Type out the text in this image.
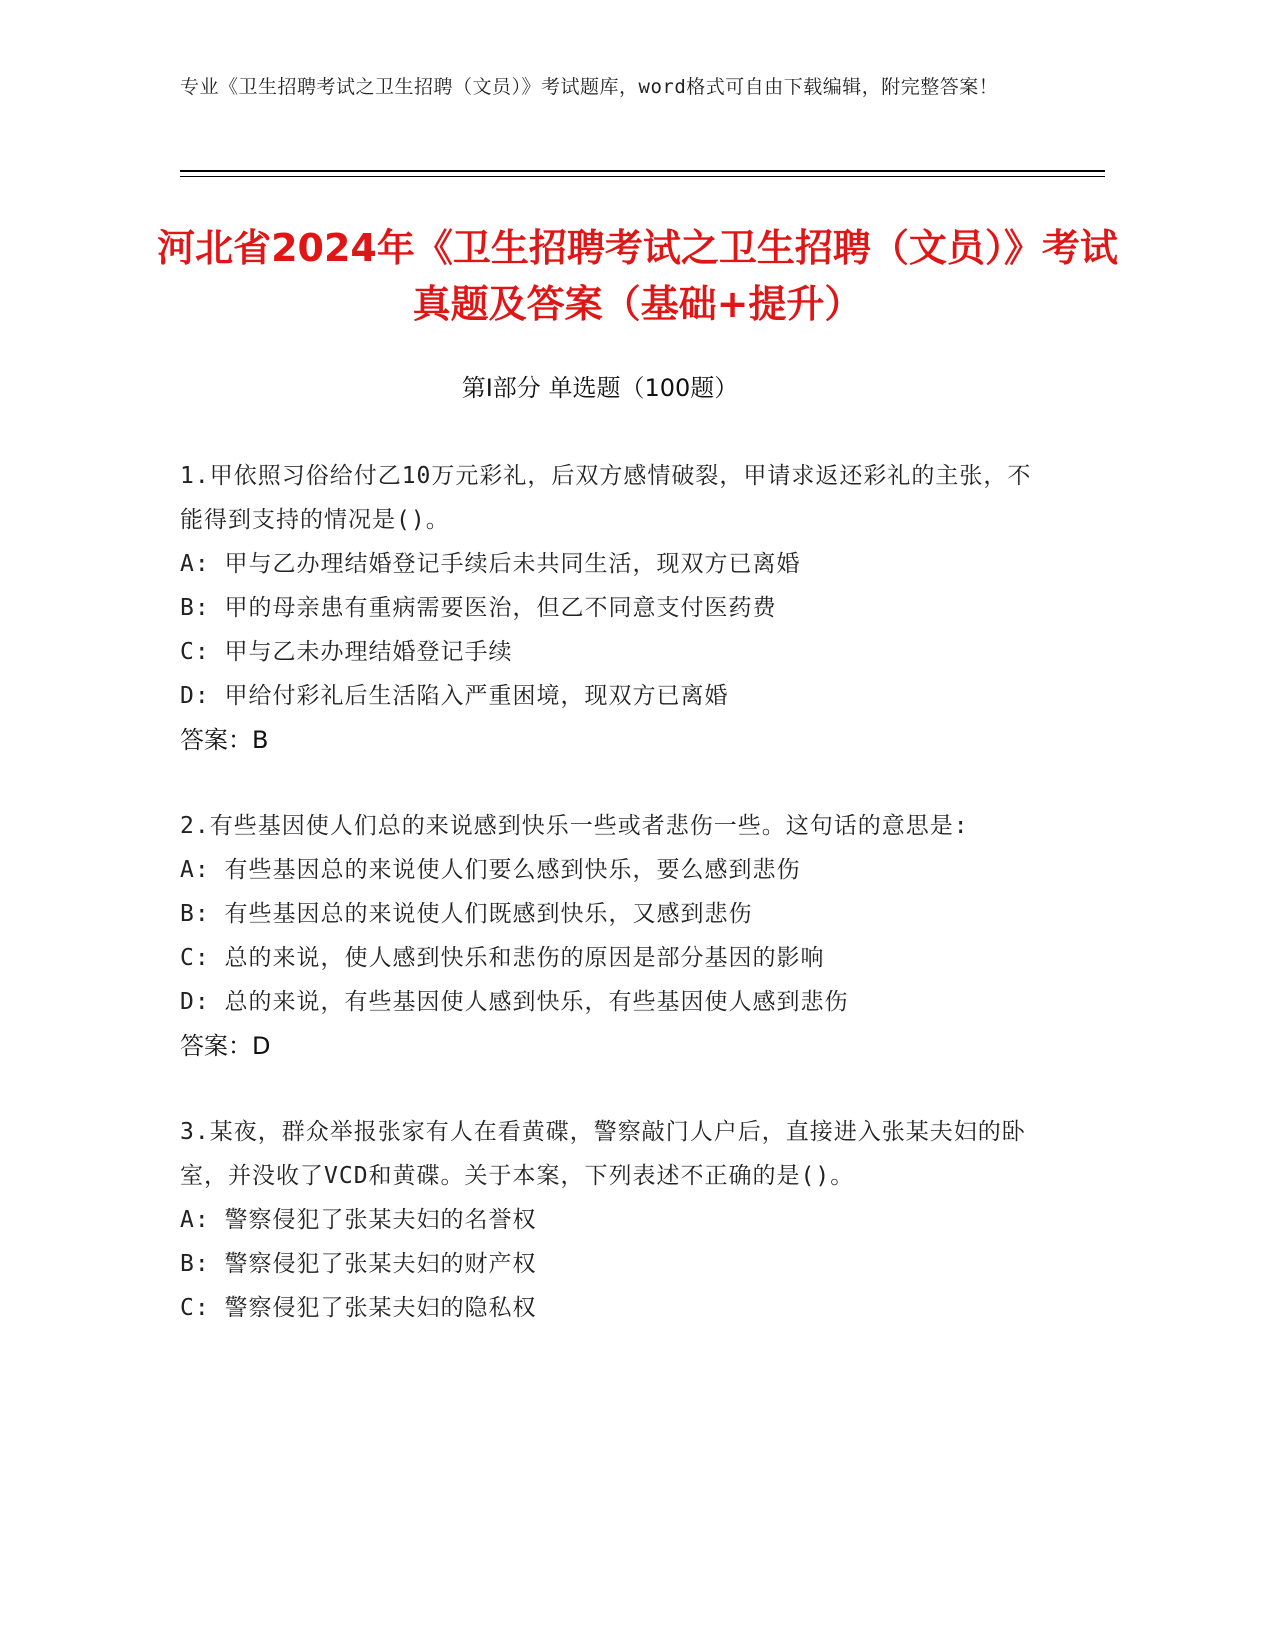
专业《卫生招聘考试之卫生招聘（文员）》考试题库，word格式可自由下载编辑，附完整答案！
河北省2024年《卫生招聘考试之卫生招聘（文员）》考试真题及答案（基础+提升）
第I部分 单选题（100题）
1.甲依照习俗给付乙10万元彩礼，后双方感情破裂，甲请求返还彩礼的主张，不能得到支持的情况是()。
A: 甲与乙办理结婚登记手续后未共同生活，现双方已离婚
B: 甲的母亲患有重病需要医治，但乙不同意支付医药费
C: 甲与乙未办理结婚登记手续
D: 甲给付彩礼后生活陷入严重困境，现双方已离婚
答案：B
2.有些基因使人们总的来说感到快乐一些或者悲伤一些。这句话的意思是:
A: 有些基因总的来说使人们要么感到快乐，要么感到悲伤
B: 有些基因总的来说使人们既感到快乐，又感到悲伤
C: 总的来说，使人感到快乐和悲伤的原因是部分基因的影响
D: 总的来说，有些基因使人感到快乐，有些基因使人感到悲伤
答案：D
3.某夜，群众举报张家有人在看黄碟，警察敲门人户后，直接进入张某夫妇的卧室，并没收了VCD和黄碟。关于本案，下列表述不正确的是()。
A: 警察侵犯了张某夫妇的名誉权
B: 警察侵犯了张某夫妇的财产权
C: 警察侵犯了张某夫妇的隐私权
